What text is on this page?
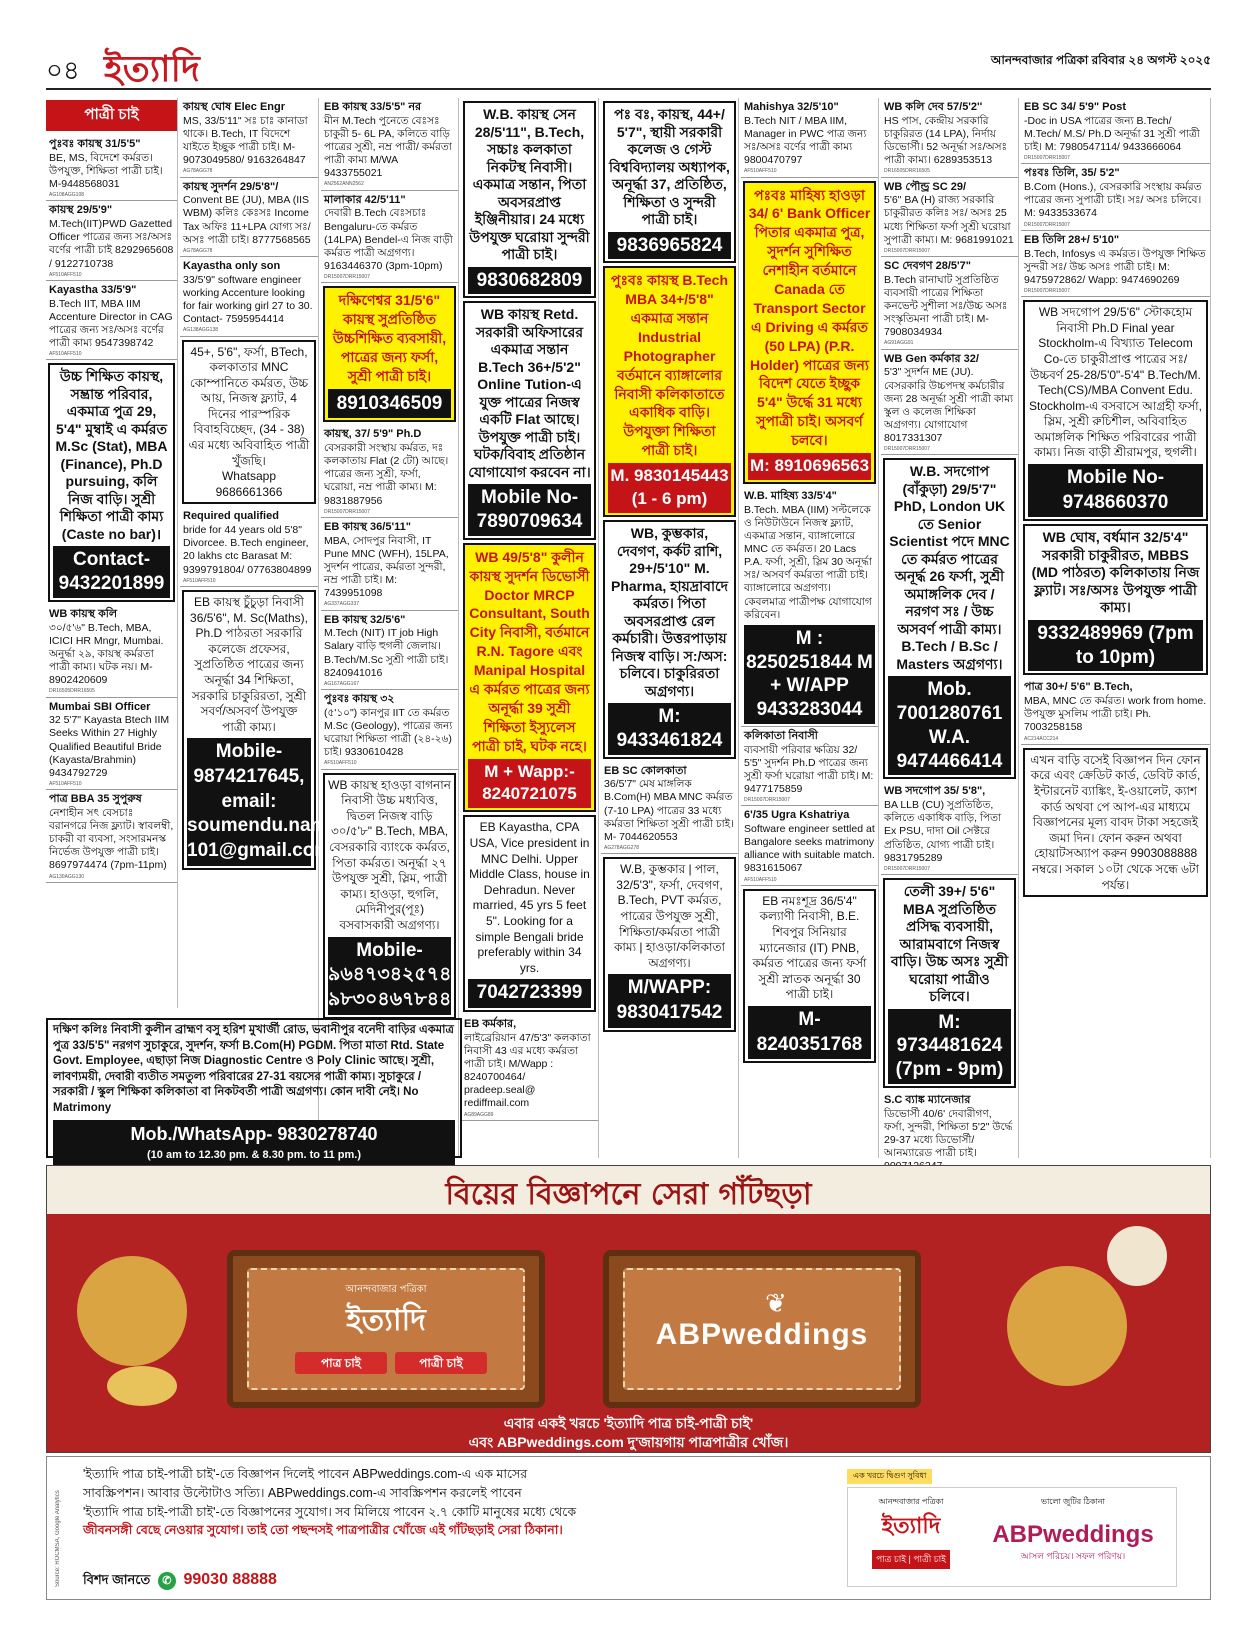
০৪ ইত্যাদি	আনন্দবাজার পত্রিকা রবিবার ২৪ অগস্ট ২০২৫
পাত্রী চাই
পুঃবঃ কায়স্থ 31/5'5"
BE, MS, বিদেশে কর্মরত। উপযুক্ত, শিক্ষিতা পাত্রী চাই। M-9448568031
AG108AGG108
কায়স্থ 29/5'9"
M.Tech(IIT)PWD Gazetted Officer পাত্রের জন্য সঃ/অসঃ বর্ণের পাত্রী চাই 8292965608 / 9122710738
AF510AFF510
Kayastha 33/5'9"
B.Tech IIT, MBA IIM Accenture Director in CAG পাত্রের জন্য সঃ/অসঃ বর্ণের পাত্রী কাম্য 9547398742
AF510AFF510
উচ্চ শিক্ষিত কায়স্থ, সম্ভ্রান্ত পরিবার, একমাত্র পুত্র 29, 5'4" মুম্বাই এ কর্মরত M.Sc (Stat), MBA (Finance), Ph.D pursuing, কলি নিজ বাড়ি। সুশ্রী শিক্ষিতা পাত্রী কাম্য (Caste no bar)।
Contact-9432201899
WB কায়স্থ কলি
৩০/৫'৬" B.Tech, MBA, ICICI HR Mngr, Mumbai. অনুর্দ্ধা ২৯, কায়স্থ কর্মরতা পাত্রী কাম্য। ঘটক নয়। M-8902420609
DR16505DRR16505
Mumbai SBI Officer
32 5'7" Kayasta Btech IIM Seeks Within 27 Highly Qualified Beautiful Bride (Kayasta/Brahmin) 9434792729
AF510AFF510
পাত্র BBA 35 সুপুরুষ
নেশাহীন সৎ বেসচাঃ বরানগরে নিজ ফ্ল্যাট। স্বাবলম্বী, চাকরী বা ব্যবসা, সংসারমনস্ক নির্ভেজ উপযুক্ত পাত্রী চাই। 8697974474 (7pm-11pm)
AG130AGG130
কায়স্থ ঘোষ Elec Engr
MS, 33/5'11" সঃ চাঃ কানাডা থাকে। B.Tech, IT বিদেশে যাইতে ইচ্ছুক পাত্রী চাই। M- 9073049580/ 9163264847
AG78AGG78
কায়স্থ সুদর্শন 29/5'8"/
Convent BE (JU), MBA (IIS WBM) কলিঃ কেঃসঃ Income Tax অফিঃ 11+LPA যোগ্য সঃ/ অসঃ পাত্রী চাই। 8777568565
AG78AGG78
Kayastha only son
33/5'9" software engineer working Accenture looking for fair working girl 27 to 30. Contact- 7595954414
AG138AGG138
45+, 5'6", ফর্সা, BTech, কলকাতার MNC কোম্পানিতে কর্মরত, উচ্চ আয়, নিজস্ব ফ্ল্যাট, 4 দিনের পারস্পরিক বিবাহবিচ্ছেদ, (34 - 38) এর মধ্যে অবিবাহিত পাত্রী খুঁজছি।
Whatsapp 9686661366
Required qualified
bride for 44 years old 5'8" Divorcee. B.Tech engineer, 20 lakhs ctc Barasat M: 9399791804/ 07763804899
AF510AFF510
EB কায়স্থ চুঁচুড়া নিবাসী 36/5'6", M. Sc(Maths), Ph.D পাঠরতা সরকারি কলেজে প্রফেসর, সুপ্রতিষ্ঠিত পাত্রের জন্য অনূর্দ্ধা 34 শিক্ষিতা, সরকারি চাকুরিরতা, সুশ্রী সবর্ণ/অসবর্ণ উপযুক্ত পাত্রী কাম্য।
Mobile- 9874217645, email: soumendu.nandy 101@gmail.com
EB কায়স্থ 33/5'5" নর
মীন M.Tech পুনেতে বেঃসঃ চাকুরী 5- 6L PA, কলিতে বাড়ি পাত্রের সুশ্রী, নম্র পাত্রী/ কর্মরতা পাত্রী কাম্য M/WA 9433755021
AN2562ANN2562
মালাকার 42/5'11"
দেবারী B.Tech বেঃসচাঃ Bengaluru-তে কর্মরত (14LPA) Bendel-এ নিজ বাড়ী কর্মরত পাত্রী অগ্রগণ্য। 9163446370 (3pm-10pm)
DR15007DRR15007
দক্ষিণেশ্বর 31/5'6" কায়স্থ সুপ্রতিষ্ঠিত উচ্চশিক্ষিত ব্যবসায়ী, পাত্রের জন্য ফর্সা, সুশ্রী পাত্রী চাই।
8910346509
কায়স্থ, 37/ 5'9" Ph.D
বেসরকারী সংস্থায় কর্মরত, দঃ কলকাতায় Flat (2 টো) আছে। পাত্রের জন্য সুশ্রী, ফর্সা, ঘরোয়া, নম্র পাত্রী কাম্য। M: 9831887956
DR15007DRR15007
EB কায়স্থ 36/5'11"
MBA, সোদপুর নিবাসী, IT Pune MNC (WFH), 15LPA, সুদর্শন পাত্রের, কর্মরতা সুন্দরী, নম্র পাত্রী চাই। M: 7439951098
AG337AGG337
EB কায়স্থ 32/5'6"
M.Tech (NIT) IT job High Salary বাড়ি হুগলী জেলায়। B.Tech/M.Sc সুশ্রী পাত্রী চাই। 8240941016
AG167AGG167
পুঃবঃ কায়স্থ ৩২
(৫'১০") কানপুর IIT তে কর্মরত M.Sc (Geology), পাত্রের জন্য ঘরোয়া শিক্ষিতা পাত্রী (২৪-২৬) চাই। 9330610428
AF510AFF510
WB কায়স্থ হাওড়া বাগনান নিবাসী উচ্চ মধ্যবিত্ত, দ্বিতল নিজস্ব বাড়ি ৩০/৫'৮" B.Tech, MBA, বেসরকারি ব্যাংকে কর্মরত, পিতা কর্মরত। অনূর্দ্ধা ২৭ উপযুক্ত সুশ্রী, স্লিম, পাত্রী কাম্য। হাওড়া, হুগলি, মেদিনীপুর(পূঃ) বসবাসকারী অগ্রগণ্য।
Mobile- ৯৬৪৭৩৪২৫৭৪ ৯৮৩০৪৬৭৮৪৪
W.B. কায়স্থ সেন 28/5'11", B.Tech, সচ্চাঃ কলকাতা নিকটস্থ নিবাসী। একমাত্র সন্তান, পিতা অবসরপ্রাপ্ত ইঞ্জিনীয়ার। 24 মধ্যে উপযুক্ত ঘরোয়া সুন্দরী পাত্রী চাই।
9830682809
WB কায়স্থ Retd. সরকারী অফিসারের একমাত্র সন্তান B.Tech 36+/5'2" Online Tution-এ যুক্ত পাত্রের নিজস্ব একটি Flat আছে। উপযুক্ত পাত্রী চাই। ঘটক/বিবাহ প্রতিষ্ঠান যোগাযোগ করবেন না।
Mobile No- 7890709634
WB 49/5'8" কুলীন কায়স্থ সুদর্শন ডিভোর্সী Doctor MRCP Consultant, South City নিবাসী, বর্তমানে R.N. Tagore এবং Manipal Hospital এ কর্মরত পাত্রের জন্য অনূর্দ্ধা 39 সুশ্রী শিক্ষিতা ইস্যুলেস পাত্রী চাই, ঘটক নহে।
M + Wapp:- 8240721075
EB Kayastha, CPA USA, Vice president in MNC Delhi. Upper Middle Class, house in Dehradun. Never married, 45 yrs 5 feet 5". Looking for a simple Bengali bride preferably within 34 yrs.
7042723399
EB কর্মকার,
লাইব্রেরিয়ান 47/5'3" কলকাতা নিবাসী 43 এর মধ্যে কর্মরতা পাত্রী চাই। M/Wapp : 8240700464/ pradeep.seal@ rediffmail.com
AG89AGG89
পঃ বঃ, কায়স্থ, 44+/ 5'7", স্থায়ী সরকারী কলেজ ও গেস্ট বিশ্ববিদ্যালয় অধ্যাপক, অনূর্দ্ধা 37, প্রতিষ্ঠিত, শিক্ষিতা ও সুন্দরী পাত্রী চাই।
9836965824
পুঃবঃ কায়স্থ B.Tech MBA 34+/5'8" একমাত্র সন্তান Industrial Photographer বর্তমানে ব্যাঙ্গালোর নিবাসী কলিকাতাতে একাধিক বাড়ি। উপযুক্তা শিক্ষিতা পাত্রী চাই।
M. 9830145443 (1 - 6 pm)
WB, কুম্ভকার, দেবগণ, কর্কট রাশি, 29+/5'10" M. Pharma, হায়দ্রাবাদে কর্মরত। পিতা অবসরপ্রাপ্ত রেল কর্মচারী। উত্তরপাড়ায় নিজস্ব বাড়ি। স:/অস: চলিবে। চাকুরিরতা অগ্রগণ্য।
M: 9433461824
EB SC কোলকাতা
36/5'7" মেষ মাঙ্গলিক B.Com(H) MBA MNC কর্মরত (7-10 LPA) পাত্রের 33 মধ্যে কর্মরতা শিক্ষিতা সুশ্রী পাত্রী চাই। M- 7044620553
AG278AGG278
W.B, কুম্ভকার | পাল, 32/5'3", ফর্সা, দেবগণ, B.Tech, PVT কর্মরত, পাত্রের উপযুক্ত সুশ্রী, শিক্ষিতা/কর্মরতা পাত্রী কাম্য | হাওড়া/কলিকাতা অগ্রগণ্য।
M/WAPP: 9830417542
Mahishya 32/5'10"
B.Tech NIT / MBA IIM, Manager in PWC পাত্র জন্য সঃ/অসঃ বর্ণের পাত্রী কাম্য 9800470797
AF510AFF510
পঃবঃ মাহিষ্য হাওড়া 34/ 6' Bank Officer পিতার একমাত্র পুত্র, সুদর্শন সুশিক্ষিত নেশাহীন বর্তমানে Canada তে Transport Sector এ Driving এ কর্মরত (50 LPA) (P.R. Holder) পাত্রের জন্য বিদেশ যেতে ইচ্ছুক 5'4" উর্দ্ধে 31 মধ্যে সুপাত্রী চাই। অসবর্ণ চলবে।
M: 8910696563
W.B. মাহিষ্য 33/5'4"
B.Tech. MBA (IIM) সল্টলেকে ও নিউটাউনে নিজস্ব ফ্ল্যাট, একমাত্র সন্তান, ব্যাঙ্গালোরে MNC তে কর্মরত। 20 Lacs P.A. ফর্সা, সুশ্রী, স্লিম 30 অনূর্দ্ধা সঃ/ অসবর্ণ কর্মরতা পাত্রী চাই। ব্যাঙ্গালোরে অগ্রগণ্য। কেবলমাত্র পাত্রীপক্ষ যোগাযোগ করিবেন।
M : 8250251844 M + W/APP 9433283044
কলিকাতা নিবাসী
ব্যবসায়ী পরিবার ক্ষত্রিয় 32/ 5'5" সুদর্শন Ph.D পাত্রের জন্য সুশ্রী ফর্সা ঘরোয়া পাত্রী চাই। M: 9477175859
DR15007DRR15007
6'/35 Ugra Kshatriya
Software engineer settled at Bangalore seeks matrimony alliance with suitable match. 9831615067
AF510AFF510
EB নমঃশূদ্র 36/5'4" কল্যাণী নিবাসী, B.E. শিবপুর সিনিয়ার ম্যানেজার (IT) PNB, কর্মরত পাত্রের জন্য ফর্সা সুশ্রী স্নাতক অনূর্দ্ধা 30 পাত্রী চাই।
M- 8240351768
WB কলি দেব 57/5'2''
HS পাস, কেন্দ্রীয় সরকারি চাকুরিরত (14 LPA), নির্দায় ডিভোর্সী। 52 অনূর্দ্ধা সঃ/অসঃ পাত্রী কাম্য। 6289353513
DR16505DRR16505
WB পৌন্ড্র SC 29/
5'6" BA (H) রাজ্য সরকারি চাকুরীরত কলিঃ সঃ/ অসঃ 25 মধ্যে শিক্ষিতা ফর্সা সুশ্রী ঘরোয়া সুপাত্রী কাম্য। M: 9681991021
DR15007DRR15007
SC দেবগণ 28/5'7"
B.Tech রানাঘাট সুপ্রতিষ্ঠিত ব্যবসায়ী পাত্রের শিক্ষিতা কনভেন্ট সুশীলা সঃ/উচ্চ অসঃ সংস্কৃতিমনা পাত্রী চাই। M-7908034934
AG91AGG91
WB Gen কর্মকার 32/
5'3" সুদর্শন ME (JU). বেসরকারি উচ্চপদস্থ কর্মচারীর জন্য 28 অনূর্দ্ধা সুশ্রী পাত্রী কাম্য স্কুল ও কলেজ শিক্ষিকা অগ্রগণ্য। যোগাযোগ 8017331307
DR15007DRR15007
W.B. সদগোপ (বাঁকুড়া) 29/5'7" PhD, London UK তে Senior Scientist পদে MNC তে কর্মরত পাত্রের অনূর্দ্ধ 26 ফর্সা, সুশ্রী অমাঙ্গলিক দেব / নরগণ সঃ / উচ্চ অসবর্ণ পাত্রী কাম্য। B.Tech / B.Sc / Masters অগ্রগণ্য।
Mob. 7001280761 W.A. 9474466414
WB সদগোপ 35/ 5'8",
BA LLB (CU) সুপ্রতিষ্ঠিত, কলিতে একাধিক বাড়ি, পিতা Ex PSU, দাদা Oil সেক্টরে প্রতিষ্ঠিত, যোগ্য পাত্রী চাই। 9831795289
DR15007DRR15007
তেলী 39+/ 5'6" MBA সুপ্রতিষ্ঠিত প্রসিদ্ধ ব্যবসায়ী, আরামবাগে নিজস্ব বাড়ি। উচ্চ অসঃ সুশ্রী ঘরোয়া পাত্রীও চলিবে।
M: 9734481624 (7pm - 9pm)
S.C ব্যাঙ্ক ম্যানেজার
ডিভোর্সী 40/6' দেবারীগণ, ফর্সা, সুন্দরী, শিক্ষিতা 5'2" উর্দ্ধে 29-37 মধ্যে ডিভোর্সী/ আনম্যারেড পাত্রী চাই।
EB SC 34/ 5'9" Post
-Doc in USA পাত্রের জন্য B.Tech/ M.Tech/ M.S/ Ph.D অনূর্দ্ধা 31 সুশ্রী পাত্রী চাই। M: 7980547114/ 9433666064
DR15007DRR15007
পঃবঃ তিলি, 35/ 5'2"
B.Com (Hons.), বেসরকারি সংস্থায় কর্মরত পাত্রের জন্য সুপাত্রী চাই। সঃ/ অসঃ চলিবে। M: 9433533674
DR15007DRR15007
EB তিলি 28+/ 5'10"
B.Tech, Infosys এ কর্মরত। উপযুক্ত শিক্ষিত সুন্দরী সঃ/ উচ্চ অসঃ পাত্রী চাই। M: 9475972862/ Wapp: 9474690269
DR15007DRR15007
WB সদগোপ 29/5'6" স্টোকহোম নিবাসী Ph.D Final year Stockholm-এ বিখ্যাত Telecom Co-তে চাকুরীপ্রাপ্ত পাত্রের সঃ/উচ্চবর্ণ 25-28/5'0"-5'4" B.Tech/M. Tech(CS)/MBA Convent Edu. Stockholm-এ বসবাসে আগ্রহী ফর্সা, স্লিম, সুশ্রী রুচিশীল, অবিবাহিত অমাঙ্গলিক শিক্ষিত পরিবারের পাত্রী কাম্য। নিজ বাড়ী শ্রীরামপুর, হুগলী।
Mobile No- 9748660370
WB ঘোষ, বর্ধমান 32/5'4" সরকারী চাকুরীরত, MBBS (MD পাঠরত) কলিকাতায় নিজ ফ্ল্যাট। সঃ/অসঃ উপযুক্ত পাত্রী কাম্য।
9332489969 (7pm to 10pm)
পাত্র 30+/ 5'6" B.Tech,
MBA, MNC তে কর্মরত। work from home. উপযুক্ত মুসলিম পাত্রী চাই। Ph. 7003258158
AC214ACC214
এখন বাড়ি বসেই বিজ্ঞাপন দিন ফোন করে এবং ক্রেডিট কার্ড, ডেবিট কার্ড, ইন্টারনেট ব্যাঙ্কিং, ই-ওয়ালেট, ক্যাশ কার্ড অথবা পে আপ-এর মাধ্যমে বিজ্ঞাপনের মূল্য বাবদ টাকা সহজেই জমা দিন। ফোন করুন অথবা হোয়াটসঅ্যাপ করুন 9903088888 নম্বরে। সকাল ১০টা থেকে সন্ধে ৬টা পর্যন্ত।
দক্ষিণ কলিঃ নিবাসী কুলীন ব্রাহ্মণ বসু হরিশ মুখার্জী রোড, ভবানীপুর বনেদী বাড়ির একমাত্র পুত্র 33/5'5" নরগণ সুচাকুরে, সুদর্শন, ফর্সা B.Com(H) PGDM. পিতা মাতা Rtd. State Govt. Employee, এছাড়া নিজ Diagnostic Centre ও Poly Clinic আছে। সুশ্রী, লাবণ্যময়ী, দেবারী ব্যতীত সমতুল্য পরিবারের 27-31 বয়সের পাত্রী কাম্য। সুচাকুরে / সরকারী / স্কুল শিক্ষিকা কলিকাতা বা নিকটবর্তী পাত্রী অগ্রগণ্য। কোন দাবী নেই। No Matrimony
Mob./WhatsApp- 9830278740
(10 am to 12.30 pm. & 8.30 pm. to 11 pm.)
বিয়ের বিজ্ঞাপনে সেরা গাঁটছড়া
আনন্দবাজার পত্রিকা
ইত্যাদি
পাত্র চাই	পাত্রী চাই
❦
ABPweddings
এবার একই খরচে 'ইত্যাদি পাত্র চাই-পাত্রী চাই'
এবং ABPweddings.com দু'জায়গায় পাত্রপাত্রীর খোঁজ।
Source: ROCMSA, Google Analytics
'ইত্যাদি পাত্র চাই-পাত্রী চাই'-তে বিজ্ঞাপন দিলেই পাবেন ABPweddings.com-এ এক মাসের
সাবস্ক্রিপশন। আবার উল্টোটাও সত্যি। ABPweddings.com-এ সাবস্ক্রিপশন করলেই পাবেন
'ইত্যাদি পাত্র চাই-পাত্রী চাই'-তে বিজ্ঞাপনের সুযোগ। সব মিলিয়ে পাবেন ২.৭ কোটি মানুষের মধ্যে থেকে
জীবনসঙ্গী বেছে নেওয়ার সুযোগ। তাই তো পছন্দসই পাত্রপাত্রীর খোঁজে এই গাঁটছড়াই সেরা ঠিকানা।
বিশদ জানতে ✆ 99030 88888
এক খরচে দ্বিগুণ সুবিধা
আনন্দবাজার পত্রিকা
ইত্যাদি
পাত্র চাই | পাত্রী চাই
ভালো জুটির ঠিকানা
ABPweddings
আসল পরিচয়। সফল পরিণয়।
